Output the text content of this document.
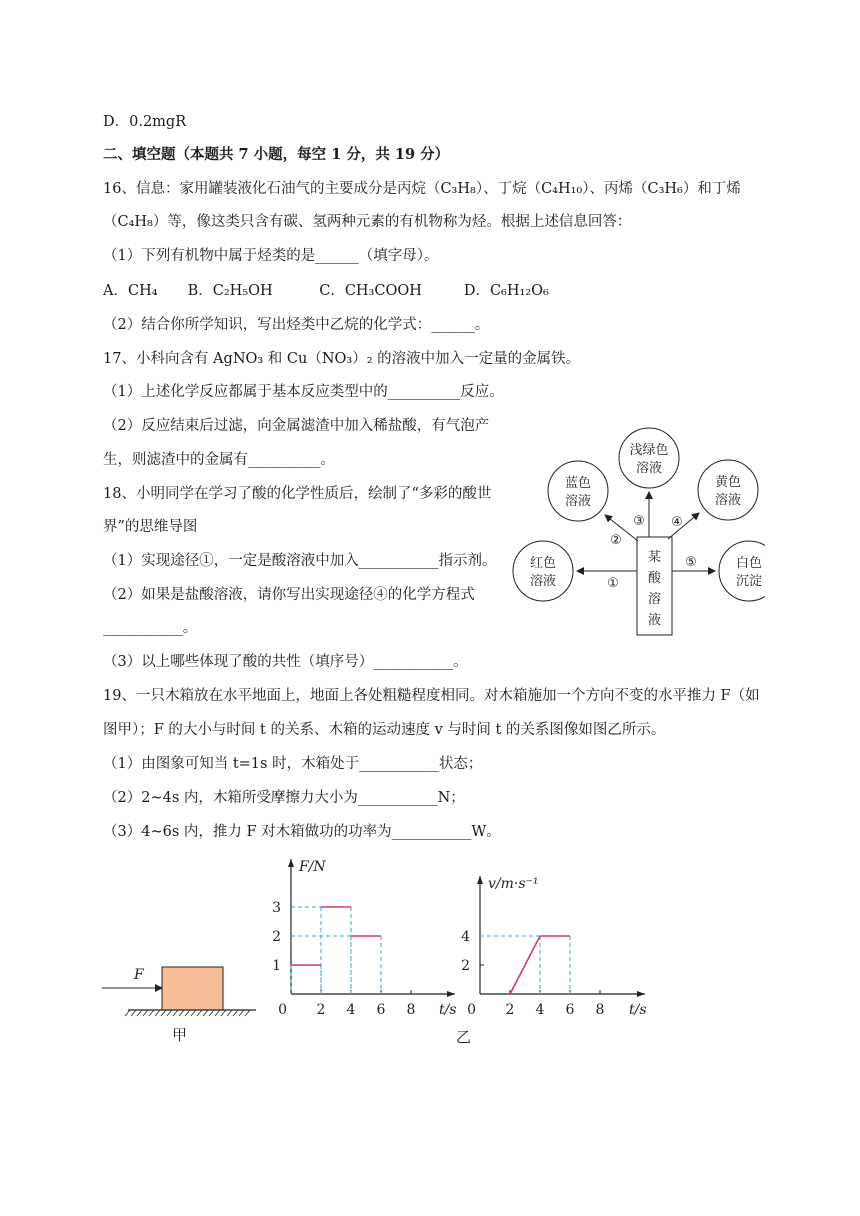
D．0.2mgR
二、填空题（本题共 7 小题，每空 1 分，共 19 分）
16、信息：家用罐装液化石油气的主要成分是丙烷（C₃H₈）、丁烷（C₄H₁₀）、丙烯（C₃H₆）和丁烯
（C₄H₈）等，像这类只含有碳、氢两种元素的有机物称为烃。根据上述信息回答：
（1）下列有机物中属于烃类的是______（填字母）。
A．CH₄ B．C₂H₅OH	C．CH₃COOH	D．C₆H₁₂O₆
（2）结合你所学知识，写出烃类中乙烷的化学式：______。
17、小科向含有 AgNO₃ 和 Cu（NO₃）₂ 的溶液中加入一定量的金属铁。
（1）上述化学反应都属于基本反应类型中的__________反应。
（2）反应结束后过滤，向金属滤渣中加入稀盐酸，有气泡产
生，则滤渣中的金属有__________。
18、小明同学在学习了酸的化学性质后，绘制了“多彩的酸世
界”的思维导图
（1）实现途径①，一定是酸溶液中加入___________指示剂。
（2）如果是盐酸溶液，请你写出实现途径④的化学方程式
___________。
（3）以上哪些体现了酸的共性（填序号）___________。
19、一只木箱放在水平地面上，地面上各处粗糙程度相同。对木箱施加一个方向不变的水平推力 F（如
图甲）；F 的大小与时间 t 的关系、木箱的运动速度 v 与时间 t 的关系图像如图乙所示。
（1）由图象可知当 t=1s 时，木箱处于___________状态；
（2）2~4s 内，木箱所受摩擦力大小为___________N；
（3）4~6s 内，推力 F 对木箱做功的功率为___________W。
某
酸
溶
液
红色
溶液
蓝色
溶液
浅绿色
溶液
黄色
溶液
白色
沉淀
①
②
③ ④
⑤
F
甲
2 4 6 8
1
2
3
0
F/N
t/s	2 4 6 8
2
4
0
v/m·s⁻¹
t/s
乙
